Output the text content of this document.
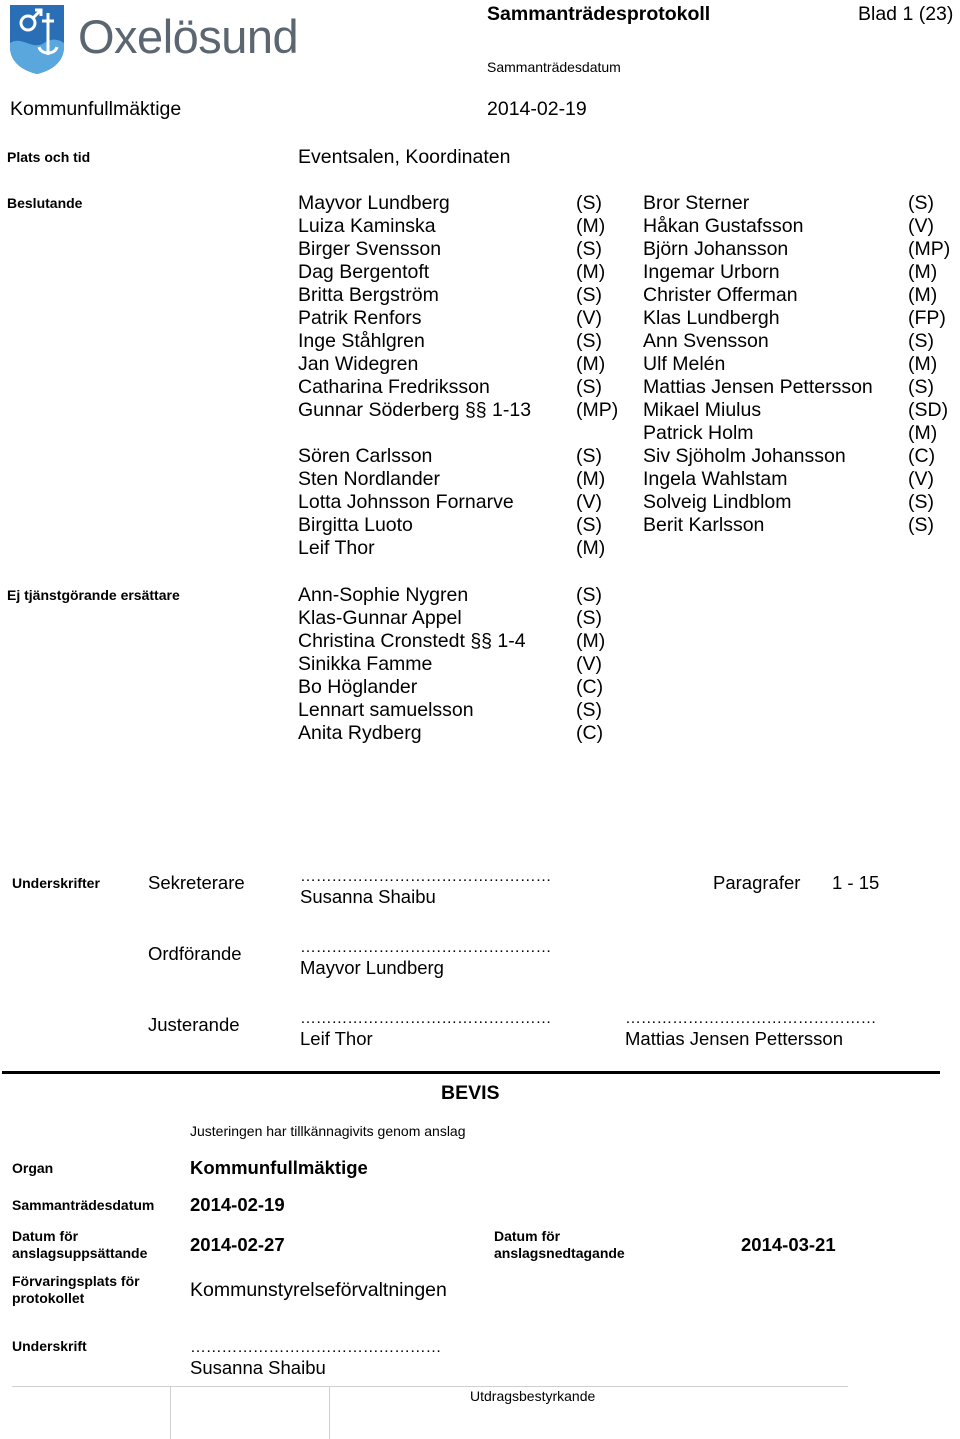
Oxelösund	Sammanträdesprotokoll	Blad 1 (23)
Sammanträdesdatum
Kommunfullmäktige	2014-02-19
Plats och tid	Eventsalen, Koordinaten
Beslutande	Mayvor Lundberg	(S)
Luiza Kaminska	(M)
Birger Svensson	(S)
Dag Bergentoft	(M)
Britta Bergström	(S)
Patrik Renfors	(V)
Inge Ståhlgren	(S)
Jan Widegren	(M)
Catharina Fredriksson	(S)
Gunnar Söderberg §§ 1-13 (MP)
Sören Carlsson	(S)
Sten Nordlander	(M)
Lotta Johnsson Fornarve	(V)
Birgitta Luoto	(S)
Leif Thor	(M)
Bror Sterner	(S)
Håkan Gustafsson	(V)
Björn Johansson	(MP)
Ingemar Urborn	(M)
Christer Offerman	(M)
Klas Lundbergh	(FP)
Ann Svensson	(S)
Ulf Melén	(M)
Mattias Jensen Pettersson (S)
Mikael Miulus	(SD)
Patrick Holm	(M)
Siv Sjöholm Johansson	(C)
Ingela Wahlstam	(V)
Solveig Lindblom	(S)
Berit Karlsson	(S)
Ej tjänstgörande ersättare	Ann-Sophie Nygren	(S)
Klas-Gunnar Appel	(S)
Christina Cronstedt §§ 1-4	(M)
Sinikka Famme	(V)
Bo Höglander	(C)
Lennart samuelsson	(S)
Anita Rydberg	(C)
Underskrifter	Sekreterare	…………………………………………
Susanna Shaibu
Paragrafer 1 - 15
Ordförande	…………………………………………
Mayvor Lundberg
Justerande	…………………………………………
Leif Thor
…………………………………………
Mattias Jensen Pettersson
BEVIS
Justeringen har tillkännagivits genom anslag
Organ	Kommunfullmäktige
Sammanträdesdatum 2014-02-19
Datum för
anslagsuppsättande 2014-02-27	Datum för
anslagsnedtagande	2014-03-21
Förvaringsplats för
protokollet	Kommunstyrelseförvaltningen
Underskrift	…………………………………………
Susanna Shaibu
Utdragsbestyrkande
